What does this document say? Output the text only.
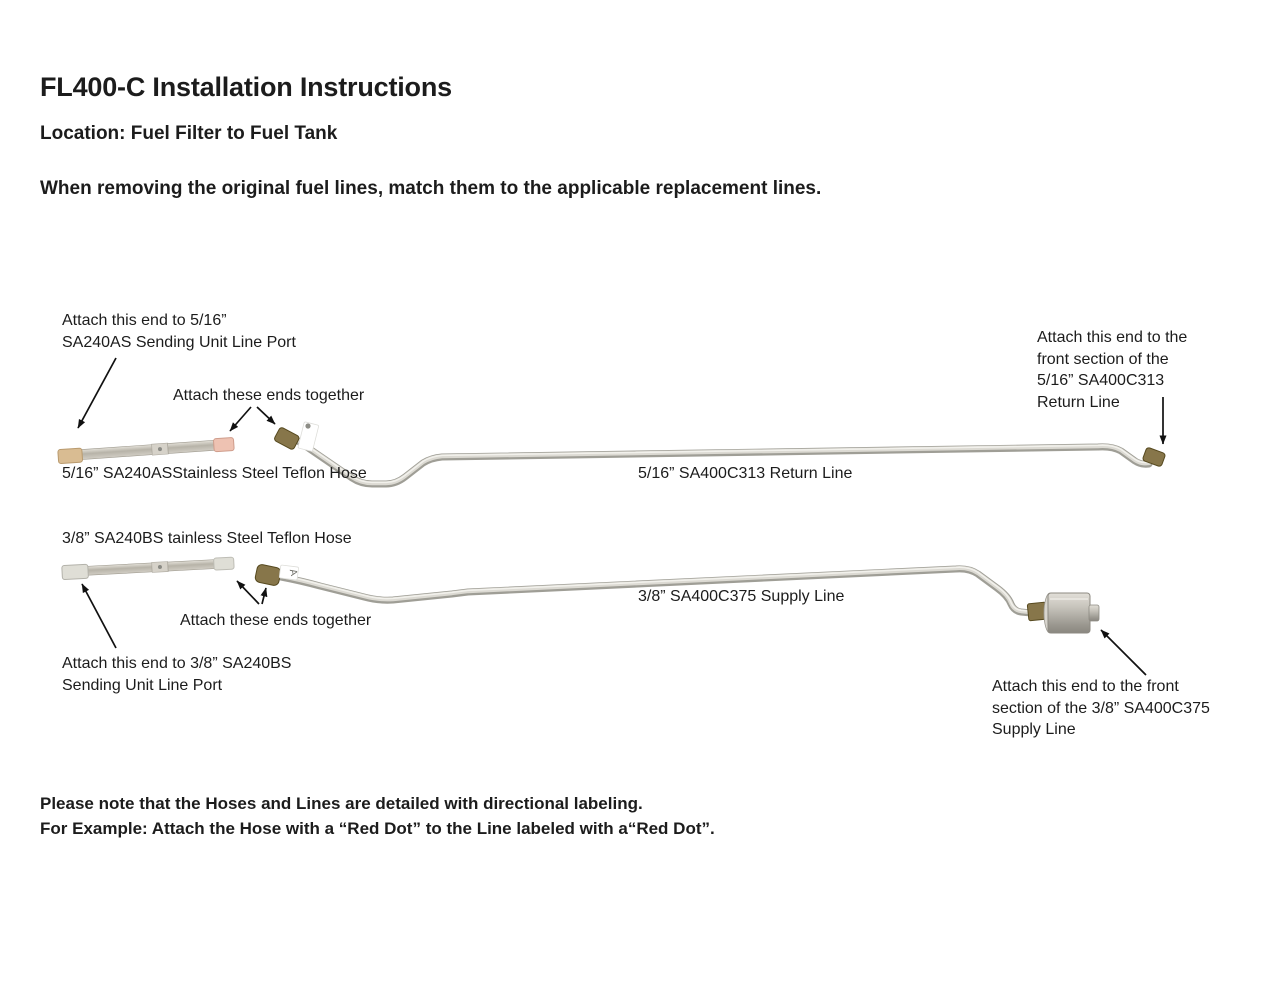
FL400-C Installation Instructions
Location: Fuel Filter to Fuel Tank
When removing the original fuel lines, match them to the applicable replacement lines.
A
Attach this end to 5/16”
SA240AS Sending Unit Line Port
Attach these ends together
5/16” SA240ASStainless Steel Teflon Hose	5/16” SA400C313 Return Line
Attach this end to the
front section of the
5/16” SA400C313
Return Line
3/8” SA240BS tainless Steel Teflon Hose
3/8” SA400C375 Supply Line
Attach these ends together
Attach this end to 3/8” SA240BS
Sending Unit Line Port	Attach this end to the front
section of the 3/8” SA400C375
Supply Line
Please note that the Hoses and Lines are detailed with directional labeling.
For Example: Attach the Hose with a “Red Dot” to the Line labeled with a“Red Dot”.
